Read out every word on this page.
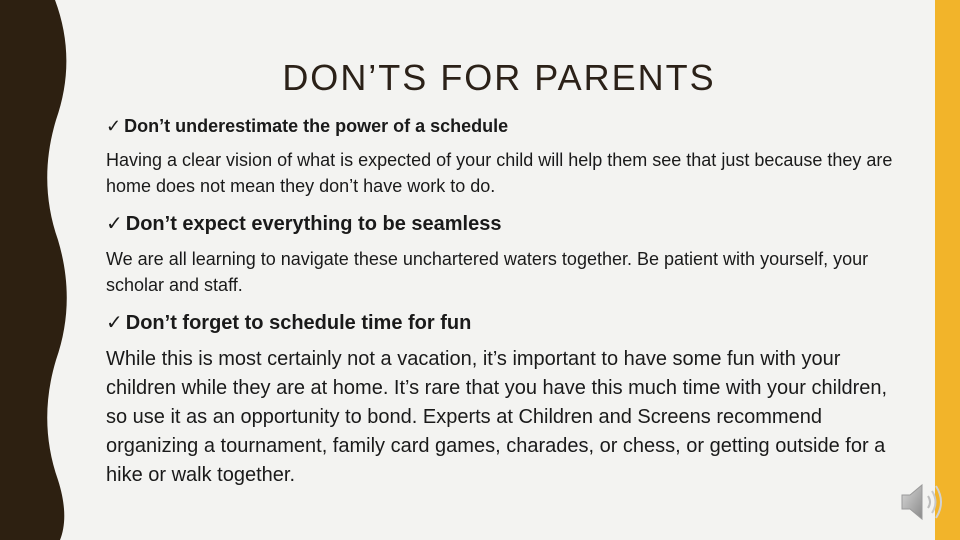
DON’TS FOR PARENTS
✓ Don’t underestimate the power of a schedule
Having a clear vision of what is expected of your child will help them see that just because they are home does not mean they don’t have work to do.
✓ Don’t expect everything to be seamless
We are all learning to navigate these unchartered waters together. Be patient with yourself, your scholar and staff.
✓ Don’t forget to schedule time for fun
While this is most certainly not a vacation, it’s important to have some fun with your children while they are at home. It’s rare that you have this much time with your children, so use it as an opportunity to bond. Experts at Children and Screens recommend organizing a tournament, family card games, charades, or chess, or getting outside for a hike or walk together.
